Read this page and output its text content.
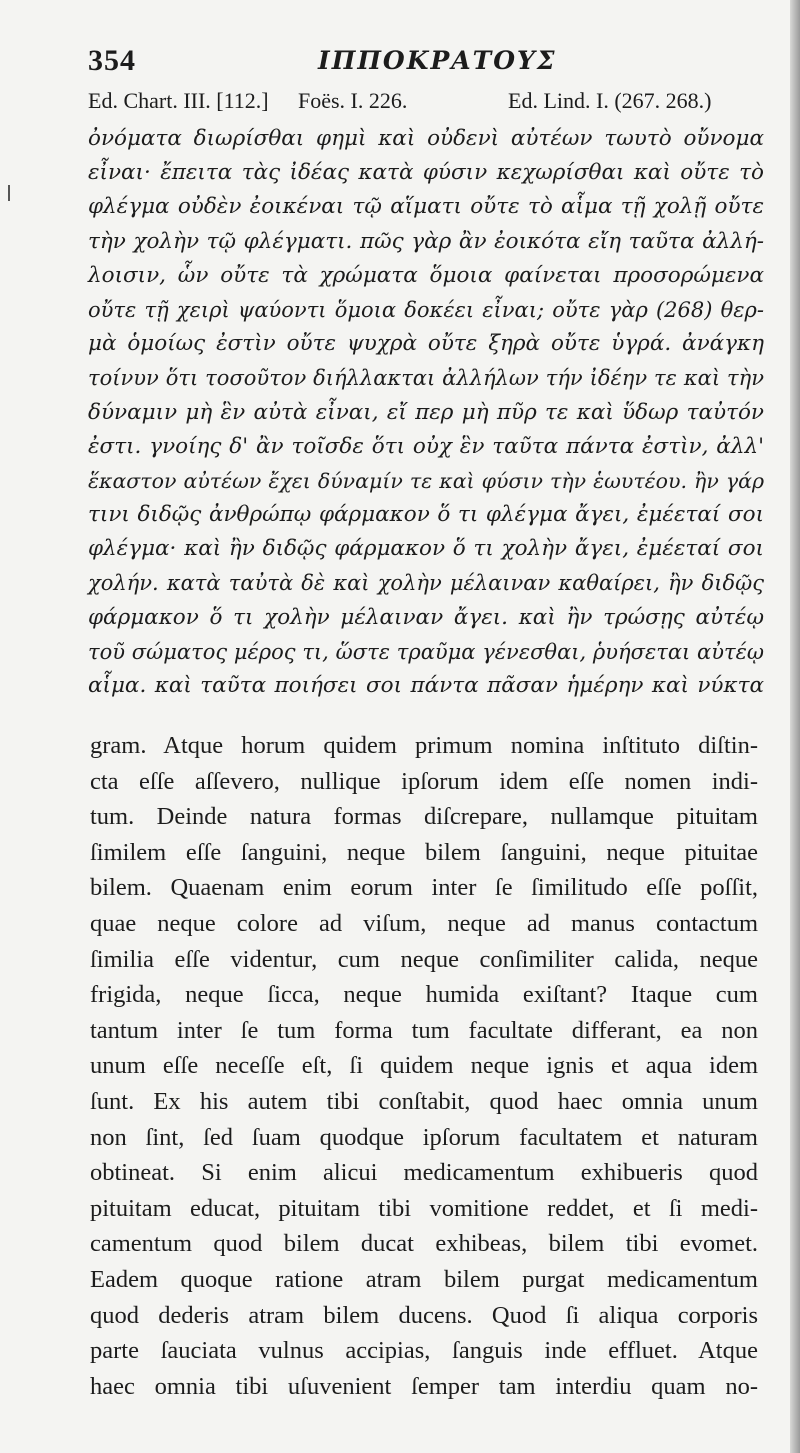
354	ΙΠΠΟΚΡΑΤΟΥΣ
Ed. Chart. III. [112.] Foës. I. 226.	Ed. Lind. I. (267. 268.)
ὀνόματα διωρίσθαι φημὶ καὶ οὐδενὶ αὐτέων τωυτὸ οὔνομα
εἶναι· ἔπειτα τὰς ἰδέας κατὰ φύσιν κεχωρίσθαι καὶ οὔτε τὸ
φλέγμα οὐδὲν ἐοικέναι τῷ αἵματι οὔτε τὸ αἷμα τῇ χολῇ οὔτε
τὴν χολὴν τῷ φλέγματι. πῶς γὰρ ἂν ἐοικότα εἴη ταῦτα ἀλλή-
λοισιν, ὧν οὔτε τὰ χρώματα ὅμοια φαίνεται προσορώμενα
οὔτε τῇ χειρὶ ψαύοντι ὅμοια δοκέει εἶναι; οὔτε γὰρ (268) θερ-
μὰ ὁμοίως ἐστὶν οὔτε ψυχρὰ οὔτε ξηρὰ οὔτε ὑγρά. ἀνάγκη
τοίνυν ὅτι τοσοῦτον διήλλακται ἀλλήλων τήν ἰδέην τε καὶ τὴν
δύναμιν μὴ ἓν αὐτὰ εἶναι, εἴ περ μὴ πῦρ τε καὶ ὕδωρ ταὐτόν
ἐστι. γνοίης δ' ἂν τοῖσδε ὅτι οὐχ ἓν ταῦτα πάντα ἐστὶν, ἀλλ'
ἕκαστον αὐτέων ἔχει δύναμίν τε καὶ φύσιν τὴν ἑωυτέου. ἢν γάρ
τινι διδῷς ἀνθρώπῳ φάρμακον ὅ τι φλέγμα ἄγει, ἐμέεταί σοι
φλέγμα· καὶ ἢν διδῷς φάρμακον ὅ τι χολὴν ἄγει, ἐμέεταί σοι
χολήν. κατὰ ταὐτὰ δὲ καὶ χολὴν μέλαιναν καθαίρει, ἢν διδῷς
φάρμακον ὅ τι χολὴν μέλαιναν ἄγει. καὶ ἢν τρώσῃς αὐτέῳ
τοῦ σώματος μέρος τι, ὥστε τραῦμα γένεσθαι, ῥυήσεται αὐτέῳ
αἷμα. καὶ ταῦτα ποιήσει σοι πάντα πᾶσαν ἡμέρην καὶ νύκτα
gram. Atque horum quidem primum nomina inſtituto diſtin-
cta eſſe aſſevero, nullique ipſorum idem eſſe nomen indi-
tum. Deinde natura formas diſcrepare, nullamque pituitam
ſimilem eſſe ſanguini, neque bilem ſanguini, neque pituitae
bilem. Quaenam enim eorum inter ſe ſimilitudo eſſe poſſit,
quae neque colore ad viſum, neque ad manus contactum
ſimilia eſſe videntur, cum neque conſimiliter calida, neque
frigida, neque ſicca, neque humida exiſtant? Itaque cum
tantum inter ſe tum forma tum facultate differant, ea non
unum eſſe neceſſe eſt, ſi quidem neque ignis et aqua idem
ſunt. Ex his autem tibi conſtabit, quod haec omnia unum
non ſint, ſed ſuam quodque ipſorum facultatem et naturam
obtineat. Si enim alicui medicamentum exhibueris quod
pituitam educat, pituitam tibi vomitione reddet, et ſi medi-
camentum quod bilem ducat exhibeas, bilem tibi evomet.
Eadem quoque ratione atram bilem purgat medicamentum
quod dederis atram bilem ducens. Quod ſi aliqua corporis
parte ſauciata vulnus accipias, ſanguis inde effluet. Atque
haec omnia tibi uſuvenient ſemper tam interdiu quam no-
